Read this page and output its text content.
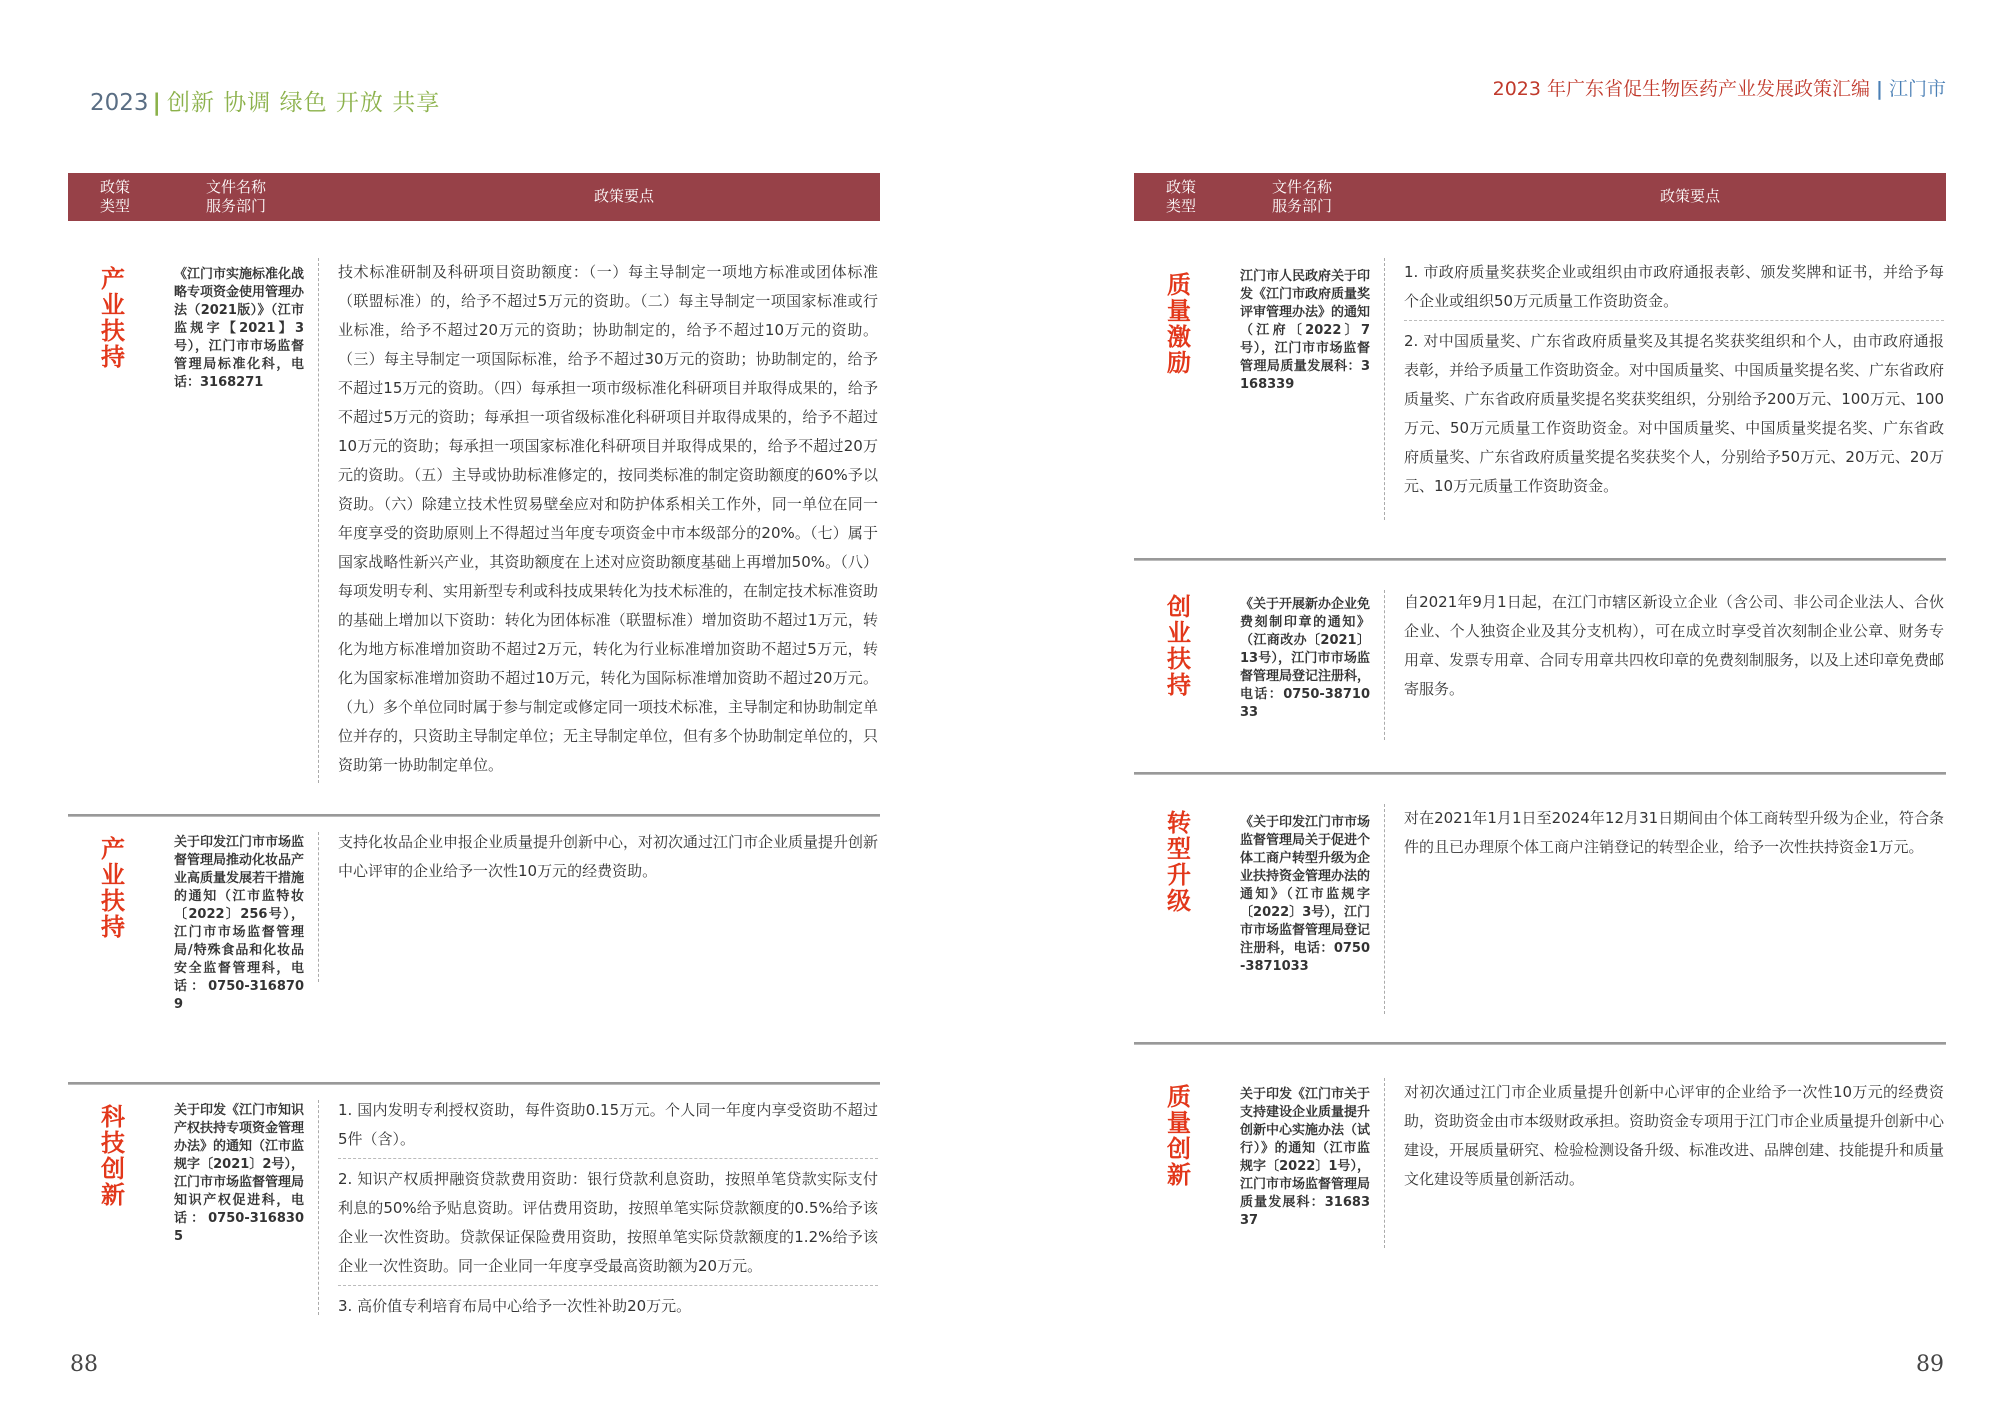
2023 | 创新 协调 绿色 开放 共享
政策
类型
文件名称
服务部门
政策要点
产业扶持
《江门市实施标准化战略专项资金使用管理办法（2021版）》（江市监规字【2021】3号），江门市市场监督管理局标准化科，电话：3168271

技术标准研制及科研项目资助额度：（一）每主导制定一项地方标准或团体标准（联盟标准）的，给予不超过5万元的资助。（二）每主导制定一项国家标准或行业标准，给予不超过20万元的资助；协助制定的，给予不超过10万元的资助。（三）每主导制定一项国际标准，给予不超过30万元的资助；协助制定的，给予不超过15万元的资助。（四）每承担一项市级标准化科研项目并取得成果的，给予不超过5万元的资助；每承担一项省级标准化科研项目并取得成果的，给予不超过10万元的资助；每承担一项国家标准化科研项目并取得成果的，给予不超过20万元的资助。（五）主导或协助标准修定的，按同类标准的制定资助额度的60%予以资助。（六）除建立技术性贸易壁垒应对和防护体系相关工作外，同一单位在同一年度享受的资助原则上不得超过当年度专项资金中市本级部分的20%。（七）属于国家战略性新兴产业，其资助额度在上述对应资助额度基础上再增加50%。（八）每项发明专利、实用新型专利或科技成果转化为技术标准的，在制定技术标准资助的基础上增加以下资助：转化为团体标准（联盟标准）增加资助不超过1万元，转化为地方标准增加资助不超过2万元，转化为行业标准增加资助不超过5万元，转化为国家标准增加资助不超过10万元，转化为国际标准增加资助不超过20万元。（九）多个单位同时属于参与制定或修定同一项技术标准，主导制定和协助制定单位并存的，只资助主导制定单位；无主导制定单位，但有多个协助制定单位的，只资助第一协助制定单位。

产业扶持
关于印发江门市市场监督管理局推动化妆品产业高质量发展若干措施的通知（江市监特妆〔2022〕256号），江门市市场监督管理局/特殊食品和化妆品安全监督管理科，电话：0750-3168709

支持化妆品企业申报企业质量提升创新中心，对初次通过江门市企业质量提升创新中心评审的企业给予一次性10万元的经费资助。

科技创新
关于印发《江门市知识产权扶持专项资金管理办法》的通知（江市监规字〔2021〕2号），江门市市场监督管理局知识产权促进科，电话：0750-3168305

1. 国内发明专利授权资助，每件资助0.15万元。个人同一年度内享受资助不超过5件（含）。

2. 知识产权质押融资贷款费用资助：银行贷款利息资助，按照单笔贷款实际支付利息的50%给予贴息资助。评估费用资助，按照单笔实际贷款额度的0.5%给予该企业一次性资助。贷款保证保险费用资助，按照单笔实际贷款额度的1.2%给予该企业一次性资助。同一企业同一年度享受最高资助额为20万元。

3. 高价值专利培育布局中心给予一次性补助20万元。

88
2023 年广东省促生物医药产业发展政策汇编 | 江门市
政策
类型
文件名称
服务部门
政策要点
质量激励
江门市人民政府关于印发《江门市政府质量奖评审管理办法》的通知（江府〔2022〕7号），江门市市场监督管理局质量发展科：3168339

1. 市政府质量奖获奖企业或组织由市政府通报表彰、颁发奖牌和证书，并给予每个企业或组织50万元质量工作资助资金。

2. 对中国质量奖、广东省政府质量奖及其提名奖获奖组织和个人，由市政府通报表彰，并给予质量工作资助资金。对中国质量奖、中国质量奖提名奖、广东省政府质量奖、广东省政府质量奖提名奖获奖组织，分别给予200万元、100万元、100万元、50万元质量工作资助资金。对中国质量奖、中国质量奖提名奖、广东省政府质量奖、广东省政府质量奖提名奖获奖个人，分别给予50万元、20万元、20万元、10万元质量工作资助资金。

创业扶持
《关于开展新办企业免费刻制印章的通知》（江商改办〔2021〕13号），江门市市场监督管理局登记注册科，电话：0750-3871033

自2021年9月1日起，在江门市辖区新设立企业（含公司、非公司企业法人、合伙企业、个人独资企业及其分支机构），可在成立时享受首次刻制企业公章、财务专用章、发票专用章、合同专用章共四枚印章的免费刻制服务，以及上述印章免费邮寄服务。

转型升级
《关于印发江门市市场监督管理局关于促进个体工商户转型升级为企业扶持资金管理办法的通知》（江市监规字〔2022〕3号），江门市市场监督管理局登记注册科，电话：0750-3871033

对在2021年1月1日至2024年12月31日期间由个体工商转型升级为企业，符合条件的且已办理原个体工商户注销登记的转型企业，给予一次性扶持资金1万元。

质量创新
关于印发《江门市关于支持建设企业质量提升创新中心实施办法（试行）》的通知（江市监规字〔2022〕1号），江门市市场监督管理局质量发展科：3168337

对初次通过江门市企业质量提升创新中心评审的企业给予一次性10万元的经费资助，资助资金由市本级财政承担。资助资金专项用于江门市企业质量提升创新中心建设，开展质量研究、检验检测设备升级、标准改进、品牌创建、技能提升和质量文化建设等质量创新活动。

89
